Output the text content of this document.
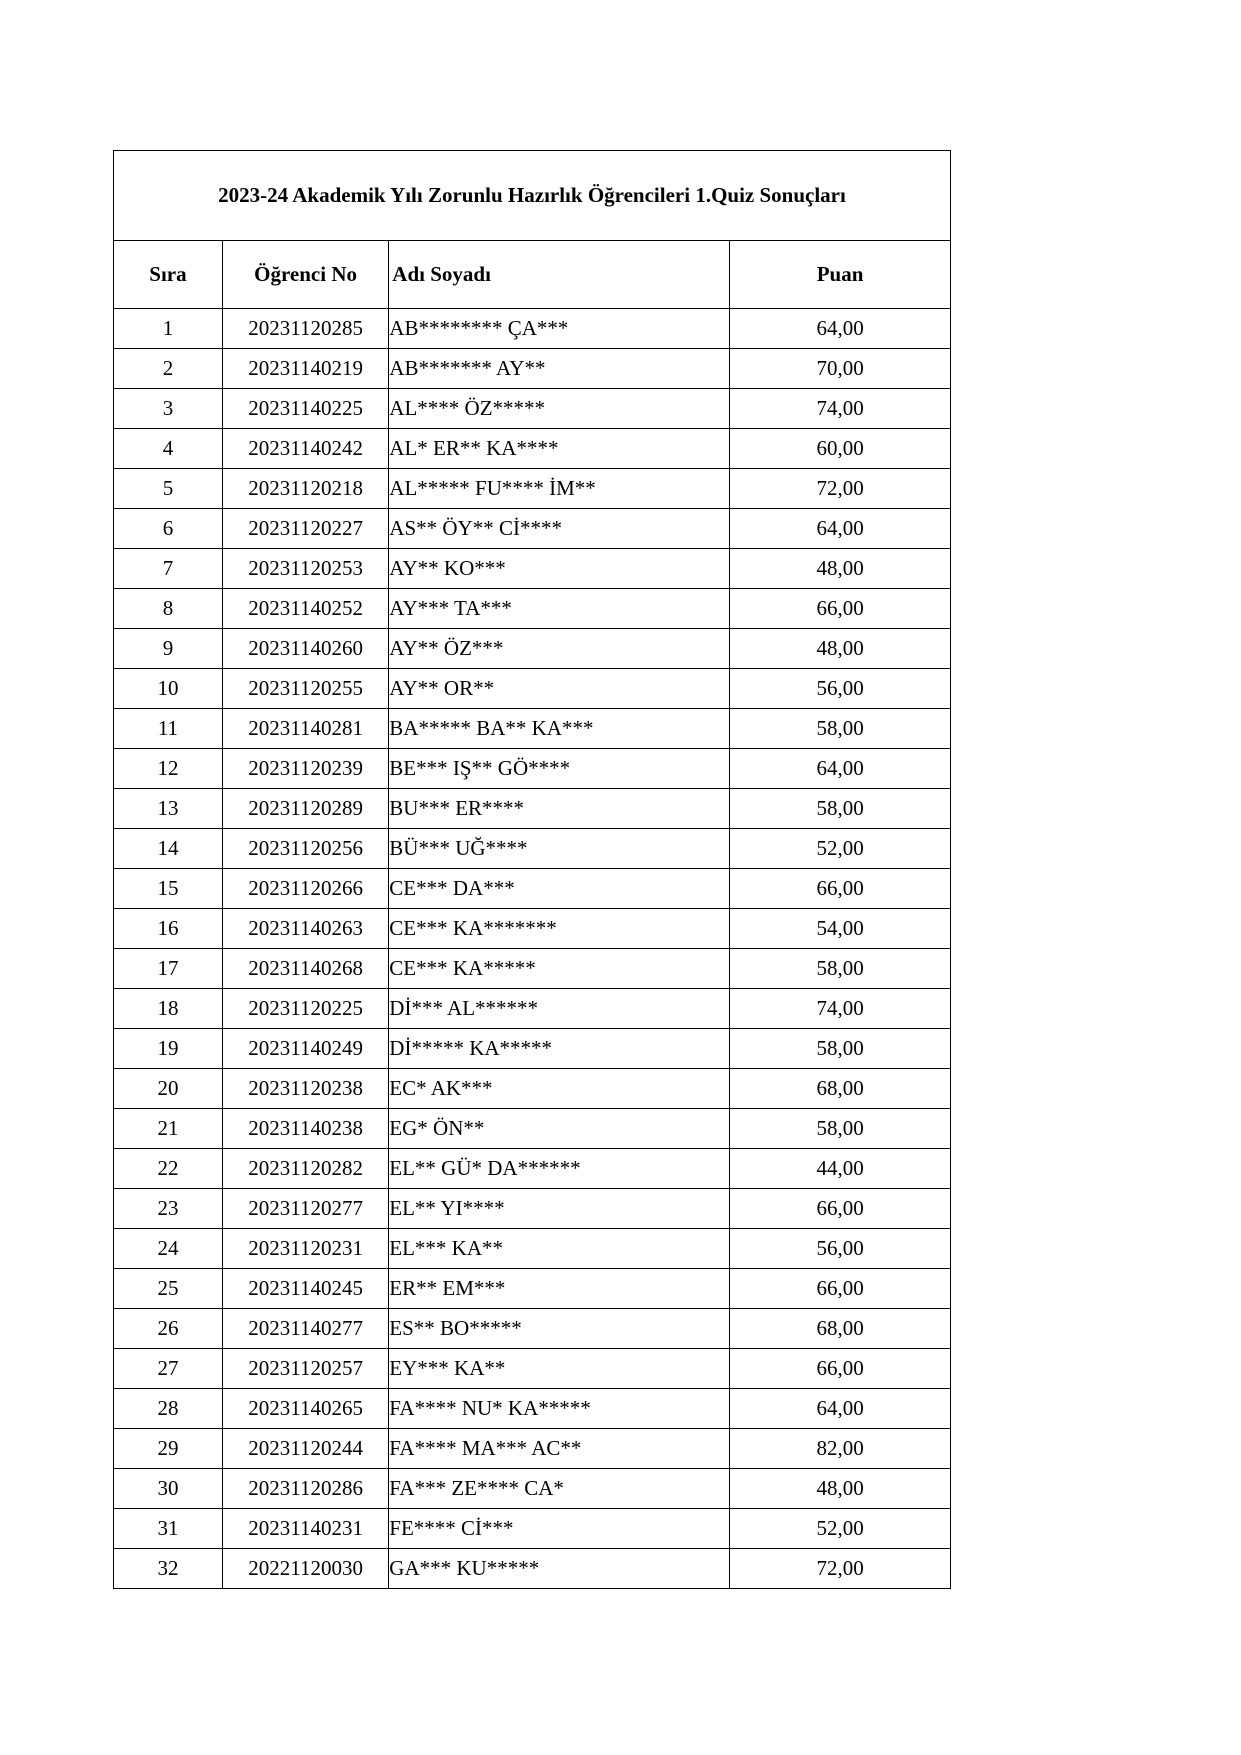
2023-24 Akademik Yılı Zorunlu Hazırlık Öğrencileri 1.Quiz Sonuçları			
Sıra	Öğrenci No	Adı Soyadı	Puan
1	20231120285	AB******** ÇA***	64,00
2	20231140219	AB******* AY**	70,00
3	20231140225	AL**** ÖZ*****	74,00
4	20231140242	AL* ER** KA****	60,00
5	20231120218	AL***** FU**** İM**	72,00
6	20231120227	AS** ÖY** Cİ****	64,00
7	20231120253	AY** KO***	48,00
8	20231140252	AY*** TA***	66,00
9	20231140260	AY** ÖZ***	48,00
10	20231120255	AY** OR**	56,00
11	20231140281	BA***** BA** KA***	58,00
12	20231120239	BE*** IŞ** GÖ****	64,00
13	20231120289	BU*** ER****	58,00
14	20231120256	BÜ*** UĞ****	52,00
15	20231120266	CE*** DA***	66,00
16	20231140263	CE*** KA*******	54,00
17	20231140268	CE*** KA*****	58,00
18	20231120225	Dİ*** AL******	74,00
19	20231140249	Dİ***** KA*****	58,00
20	20231120238	EC* AK***	68,00
21	20231140238	EG* ÖN**	58,00
22	20231120282	EL** GÜ* DA******	44,00
23	20231120277	EL** YI****	66,00
24	20231120231	EL*** KA**	56,00
25	20231140245	ER** EM***	66,00
26	20231140277	ES** BO*****	68,00
27	20231120257	EY*** KA**	66,00
28	20231140265	FA**** NU* KA*****	64,00
29	20231120244	FA**** MA*** AC**	82,00
30	20231120286	FA*** ZE**** CA*	48,00
31	20231140231	FE**** Cİ***	52,00
32	20221120030	GA*** KU*****	72,00
